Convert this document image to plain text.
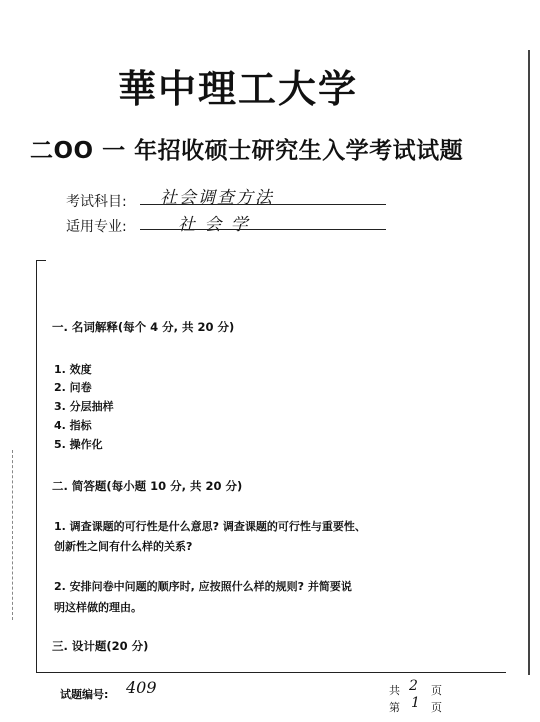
華中理工大学
二OO 一 年招收硕士研究生入学考试试题
考试科目: 社会调查方法
适用专业:	社 会 学
一. 名词解释(每个 4 分, 共 20 分)
1. 效度
2. 问卷
3. 分层抽样
4. 指标
5. 操作化
二. 简答题(每小题 10 分, 共 20 分)
1. 调查课题的可行性是什么意思? 调查课题的可行性与重要性、
创新性之间有什么样的关系?
2. 安排问卷中问题的顺序时, 应按照什么样的规则? 并简要说
明这样做的理由。
三. 设计题(20 分)
试题编号: 409	共 2 页
第 1 页
